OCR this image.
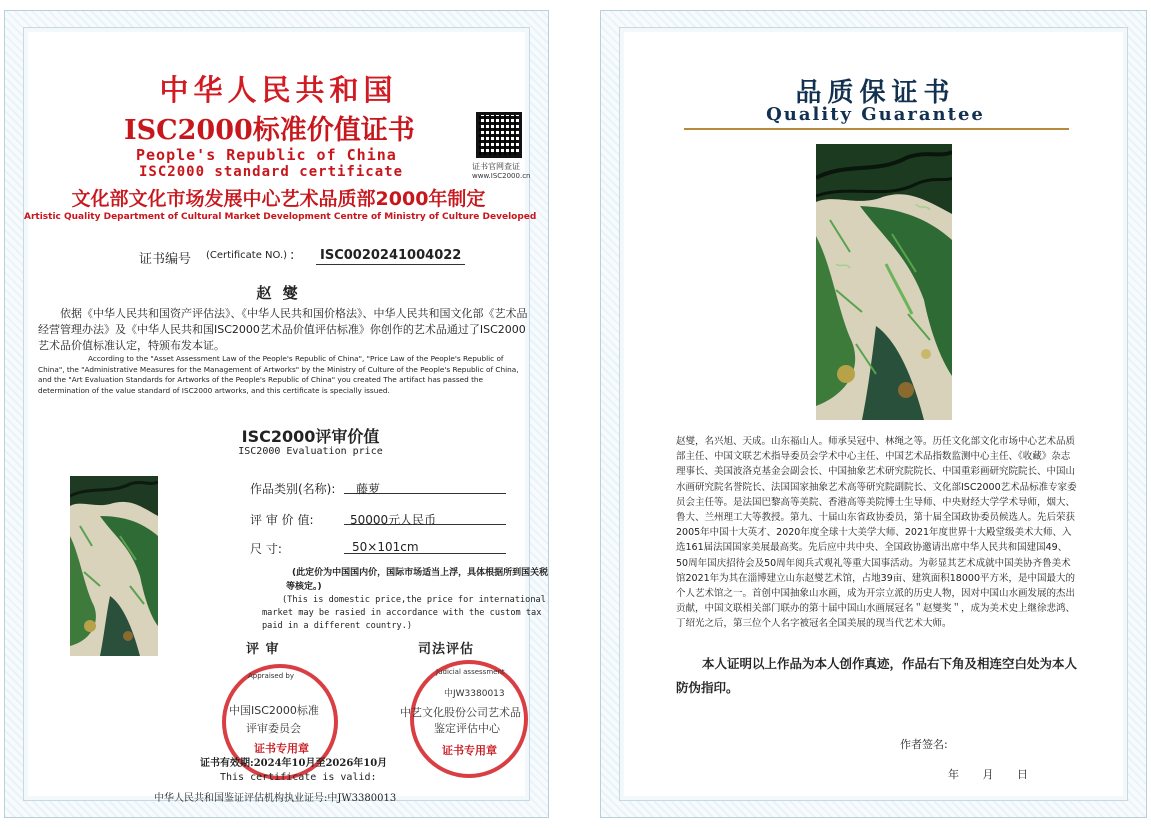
中华人民共和国
ISC2000标准价值证书
People's Republic of China
ISC2000 standard certificate	证书官网查证
www.ISC2000.cn
文化部文化市场发展中心艺术品质部2000年制定
Artistic Quality Department of Cultural Market Development Centre of Ministry of Culture Developed
证书编号 (Certificate NO.) :	ISC0020241004022
赵 燮
依据《中华人民共和国资产评估法》、《中华人民共和国价格法》、中华人民共和国文化部《艺术品经营管理办法》及《中华人民共和国ISC2000艺术品价值评估标准》你创作的艺术品通过了ISC2000艺术品价值标准认定，特颁布发本证。
According to the "Asset Assessment Law of the People's Republic of China", "Price Law of the People's Republic of China", the "Administrative Measures for the Management of Artworks" by the Ministry of Culture of the People's Republic of China, and the "Art Evaluation Standards for Artworks of the People's Republic of China" you created The artifact has passed the determination of the value standard of ISC2000 artworks, and this certificate is specially issued.
ISC2000评审价值
ISC2000 Evaluation price
作品类别(名称): 藤萝
评 审 价 值:	50000元人民币
尺 寸:	50×101cm
(此定价为中国国内价，国际市场适当上浮，具体根据所到国关税等核定。)
(This is domestic price,the price for international market may be rasied in accordance with the custom tax paid in a different country.)
评 审	司法评估
Appraised by
中国ISC2000标准
评审委员会
证书专用章
Judicial assessment
中JW3380013
中艺文化股份公司艺术品
鉴定评估中心
证书专用章
证书有效期:2024年10月至2026年10月
This certificate is valid:
中华人民共和国鉴证评估机构执业证号:中JW3380013
品质保证书
Quality Guarantee
赵燮，名兴旭、天成。山东福山人。师承吴冠中、林绳之等。历任文化部文化市场中心艺术品质部主任、中国文联艺术指导委员会学术中心主任、中国艺术品指数监测中心主任、《收藏》杂志理事长、美国波洛克基金会副会长、中国抽象艺术研究院院长、中国重彩画研究院院长、中国山水画研究院名誉院长、法国国家抽象艺术高等研究院副院长、文化部ISC2000艺术品标准专家委员会主任等。是法国巴黎高等美院、香港高等美院博士生导师、中央财经大学学术导师，烟大、鲁大、兰州理工大等教授。第九、十届山东省政协委员，第十届全国政协委员候选人。先后荣获2005年中国十大英才、2020年度全球十大美学大师、2021年度世界十大殿堂级美术大师、入选161届法国国家美展最高奖。先后应中共中央、全国政协邀请出席中华人民共和国建国49、50周年国庆招待会及50周年阅兵式观礼等重大国事活动。为彰显其艺术成就中国美协齐鲁美术馆2021年为其在淄博建立山东赵燮艺术馆，占地39亩、建筑面积18000平方米，是中国最大的个人艺术馆之一。首创中国抽象山水画，成为开宗立派的历史人物，因对中国山水画发展的杰出贡献，中国文联相关部门联办的第十届中国山水画展冠名＂赵燮奖＂，成为美术史上继徐悲鸿、丁绍光之后，第三位个人名字被冠名全国美展的现当代艺术大师。
本人证明以上作品为本人创作真迹，作品右下角及相连空白处为本人防伪指印。
作者签名:
年 月 日
